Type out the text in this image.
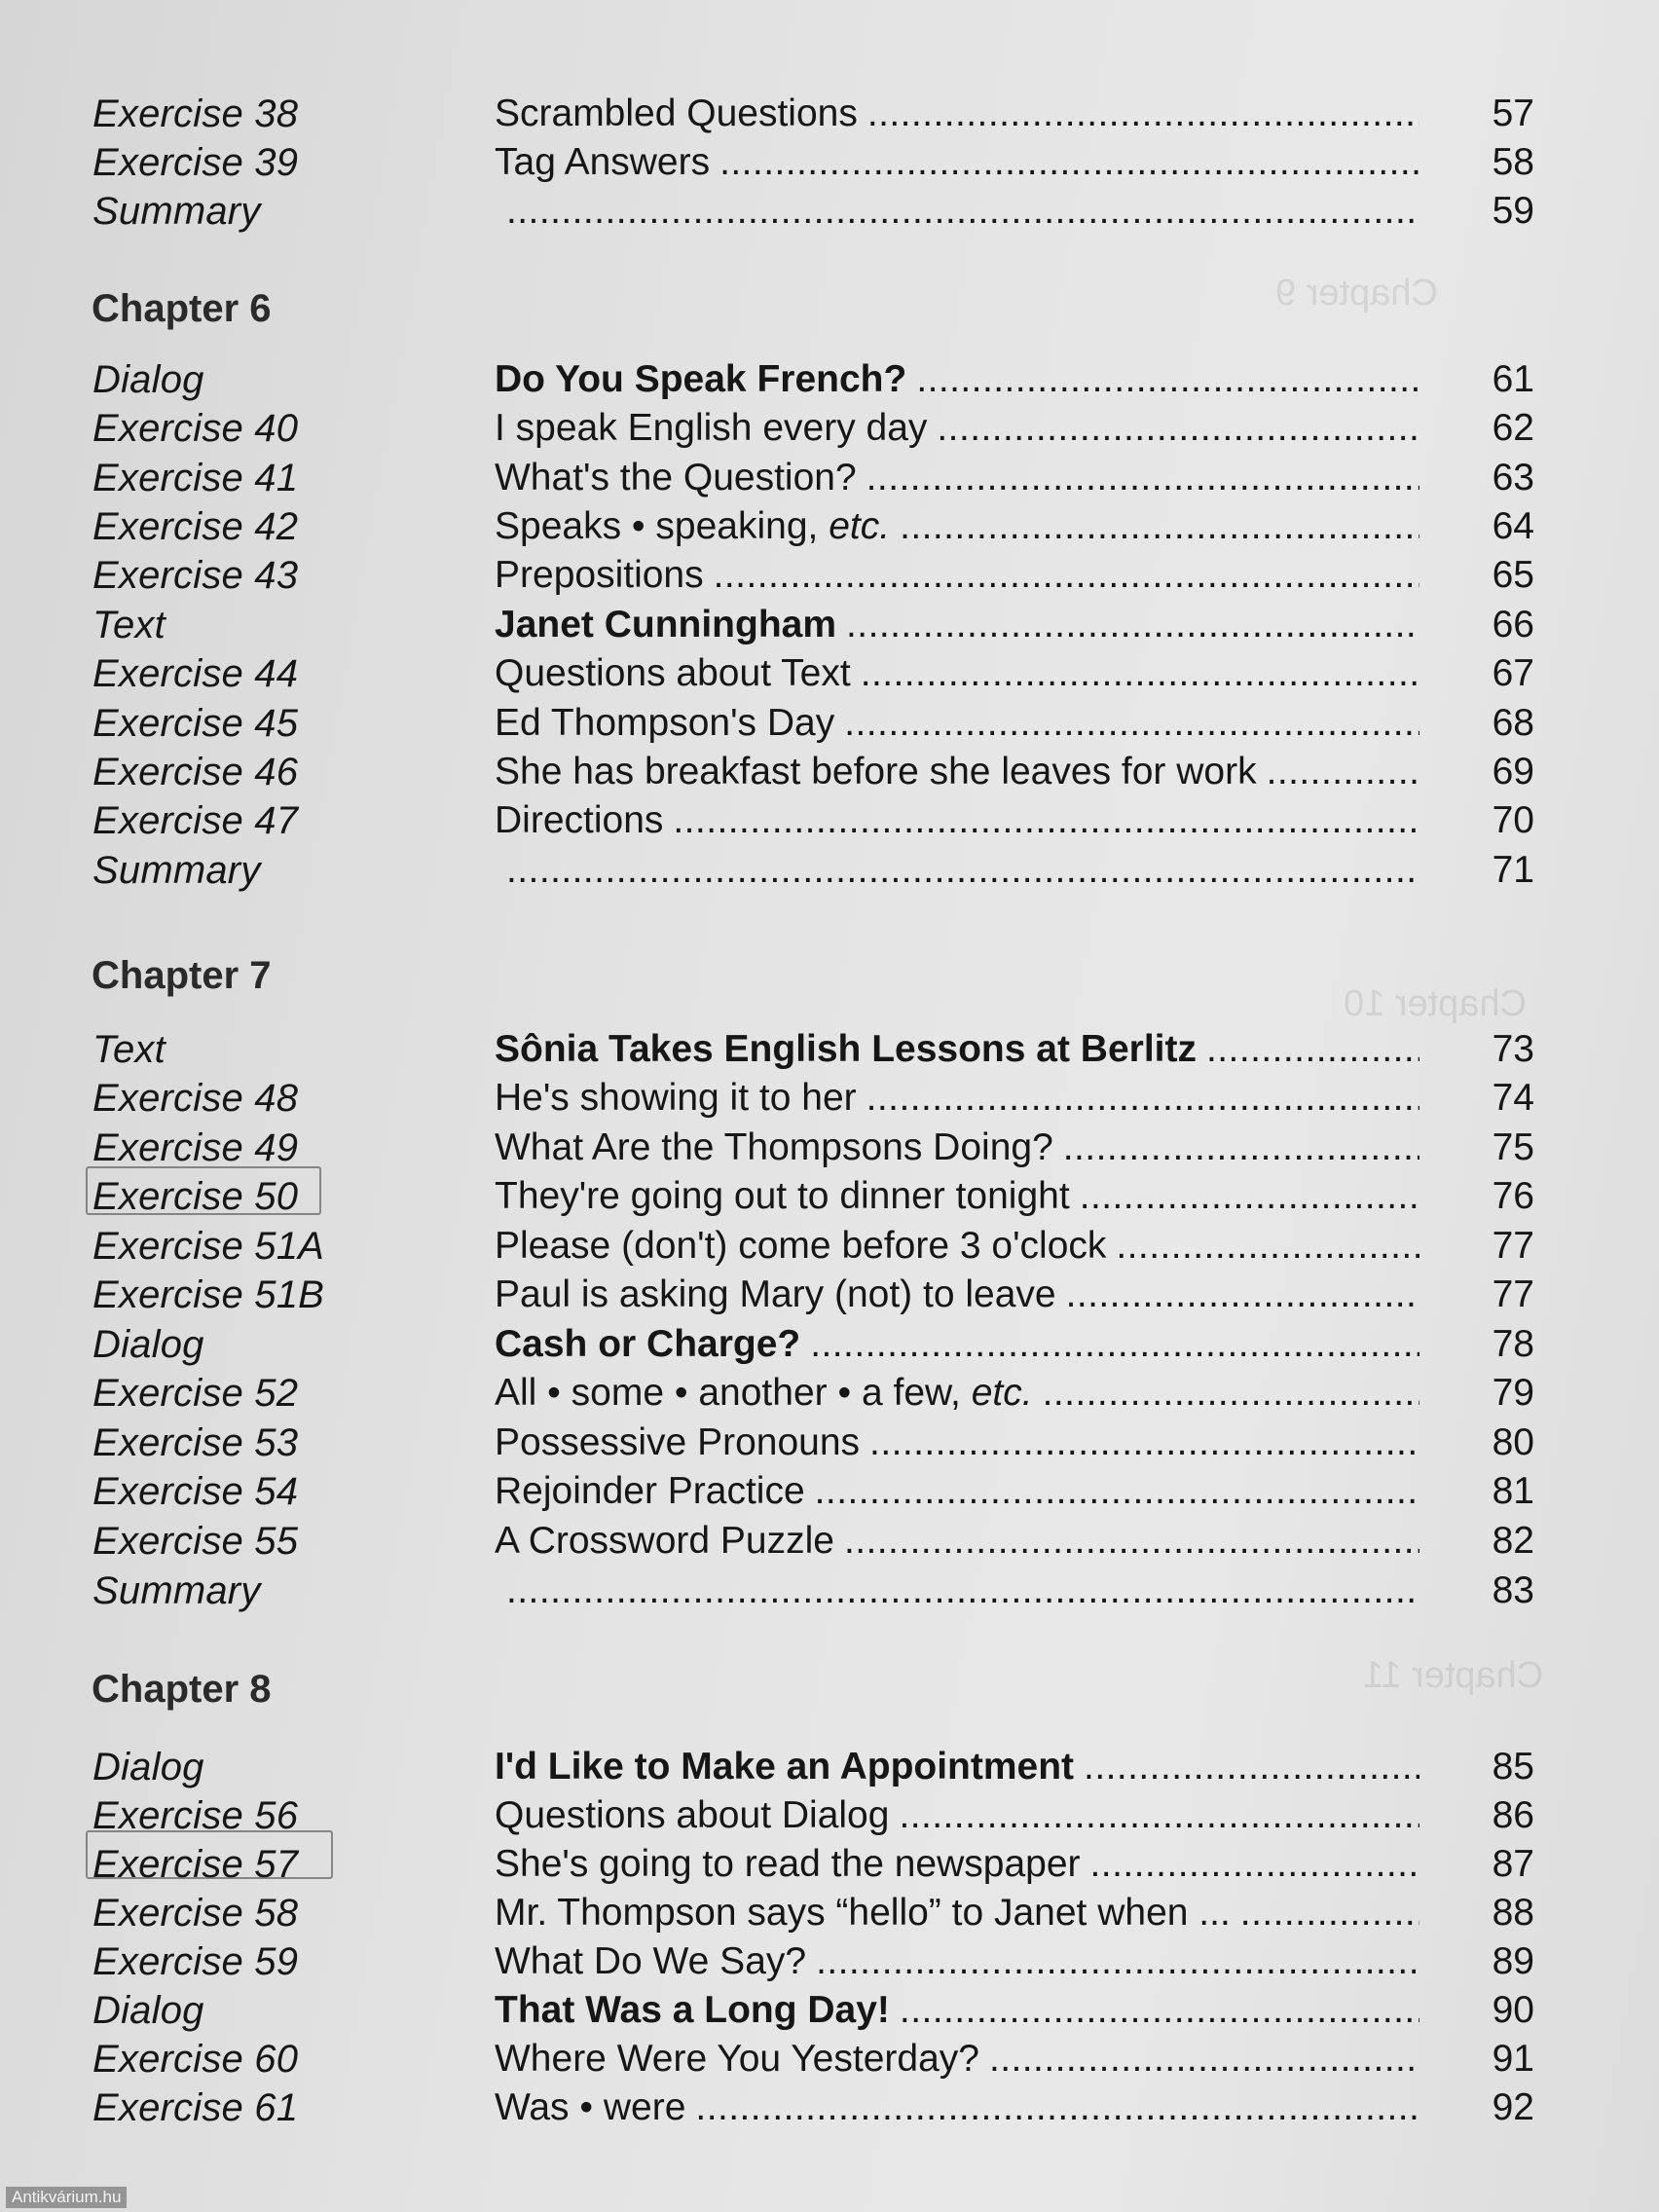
Chapter 9
Chapter 10
Chapter 11
Exercise 38	Scrambled Questions . . .	57
Exercise 39	Tag Answers . . .	58
Summary . . .	59
Chapter 6
Dialog	Do You Speak French? . . .	61
Exercise 40	I speak English every day . . .	62
Exercise 41	What's the Question? . . .	63
Exercise 42	Speaks • speaking, etc. . . .	64
Exercise 43	Prepositions . . .	65
Text	Janet Cunningham . . .	66
Exercise 44	Questions about Text . . .	67
Exercise 45	Ed Thompson's Day . . .	68
Exercise 46	She has breakfast before she leaves for work . . .	69
Exercise 47	Directions . . .	70
Summary . . .	71
Chapter 7
Text	Sônia Takes English Lessons at Berlitz . . .	73
Exercise 48	He's showing it to her . . .	74
Exercise 49	What Are the Thompsons Doing? . . .	75
Exercise 50	They're going out to dinner tonight . . .	76
Exercise 51A	Please (don't) come before 3 o'clock . . .	77
Exercise 51B	Paul is asking Mary (not) to leave . . .	77
Dialog	Cash or Charge? . . .	78
Exercise 52	All • some • another • a few, etc. . . .	79
Exercise 53	Possessive Pronouns . . .	80
Exercise 54	Rejoinder Practice . . .	81
Exercise 55	A Crossword Puzzle . . .	82
Summary . . .	83
Chapter 8
Dialog	I'd Like to Make an Appointment . . .	85
Exercise 56	Questions about Dialog . . .	86
Exercise 57	She's going to read the newspaper . . .	87
Exercise 58	Mr. Thompson says “hello” to Janet when ... . . .	88
Exercise 59	What Do We Say? . . .	89
Dialog	That Was a Long Day! . . .	90
Exercise 60	Where Were You Yesterday? . . .	91
Exercise 61	Was • were . . .	92
Antikvárium.hu
